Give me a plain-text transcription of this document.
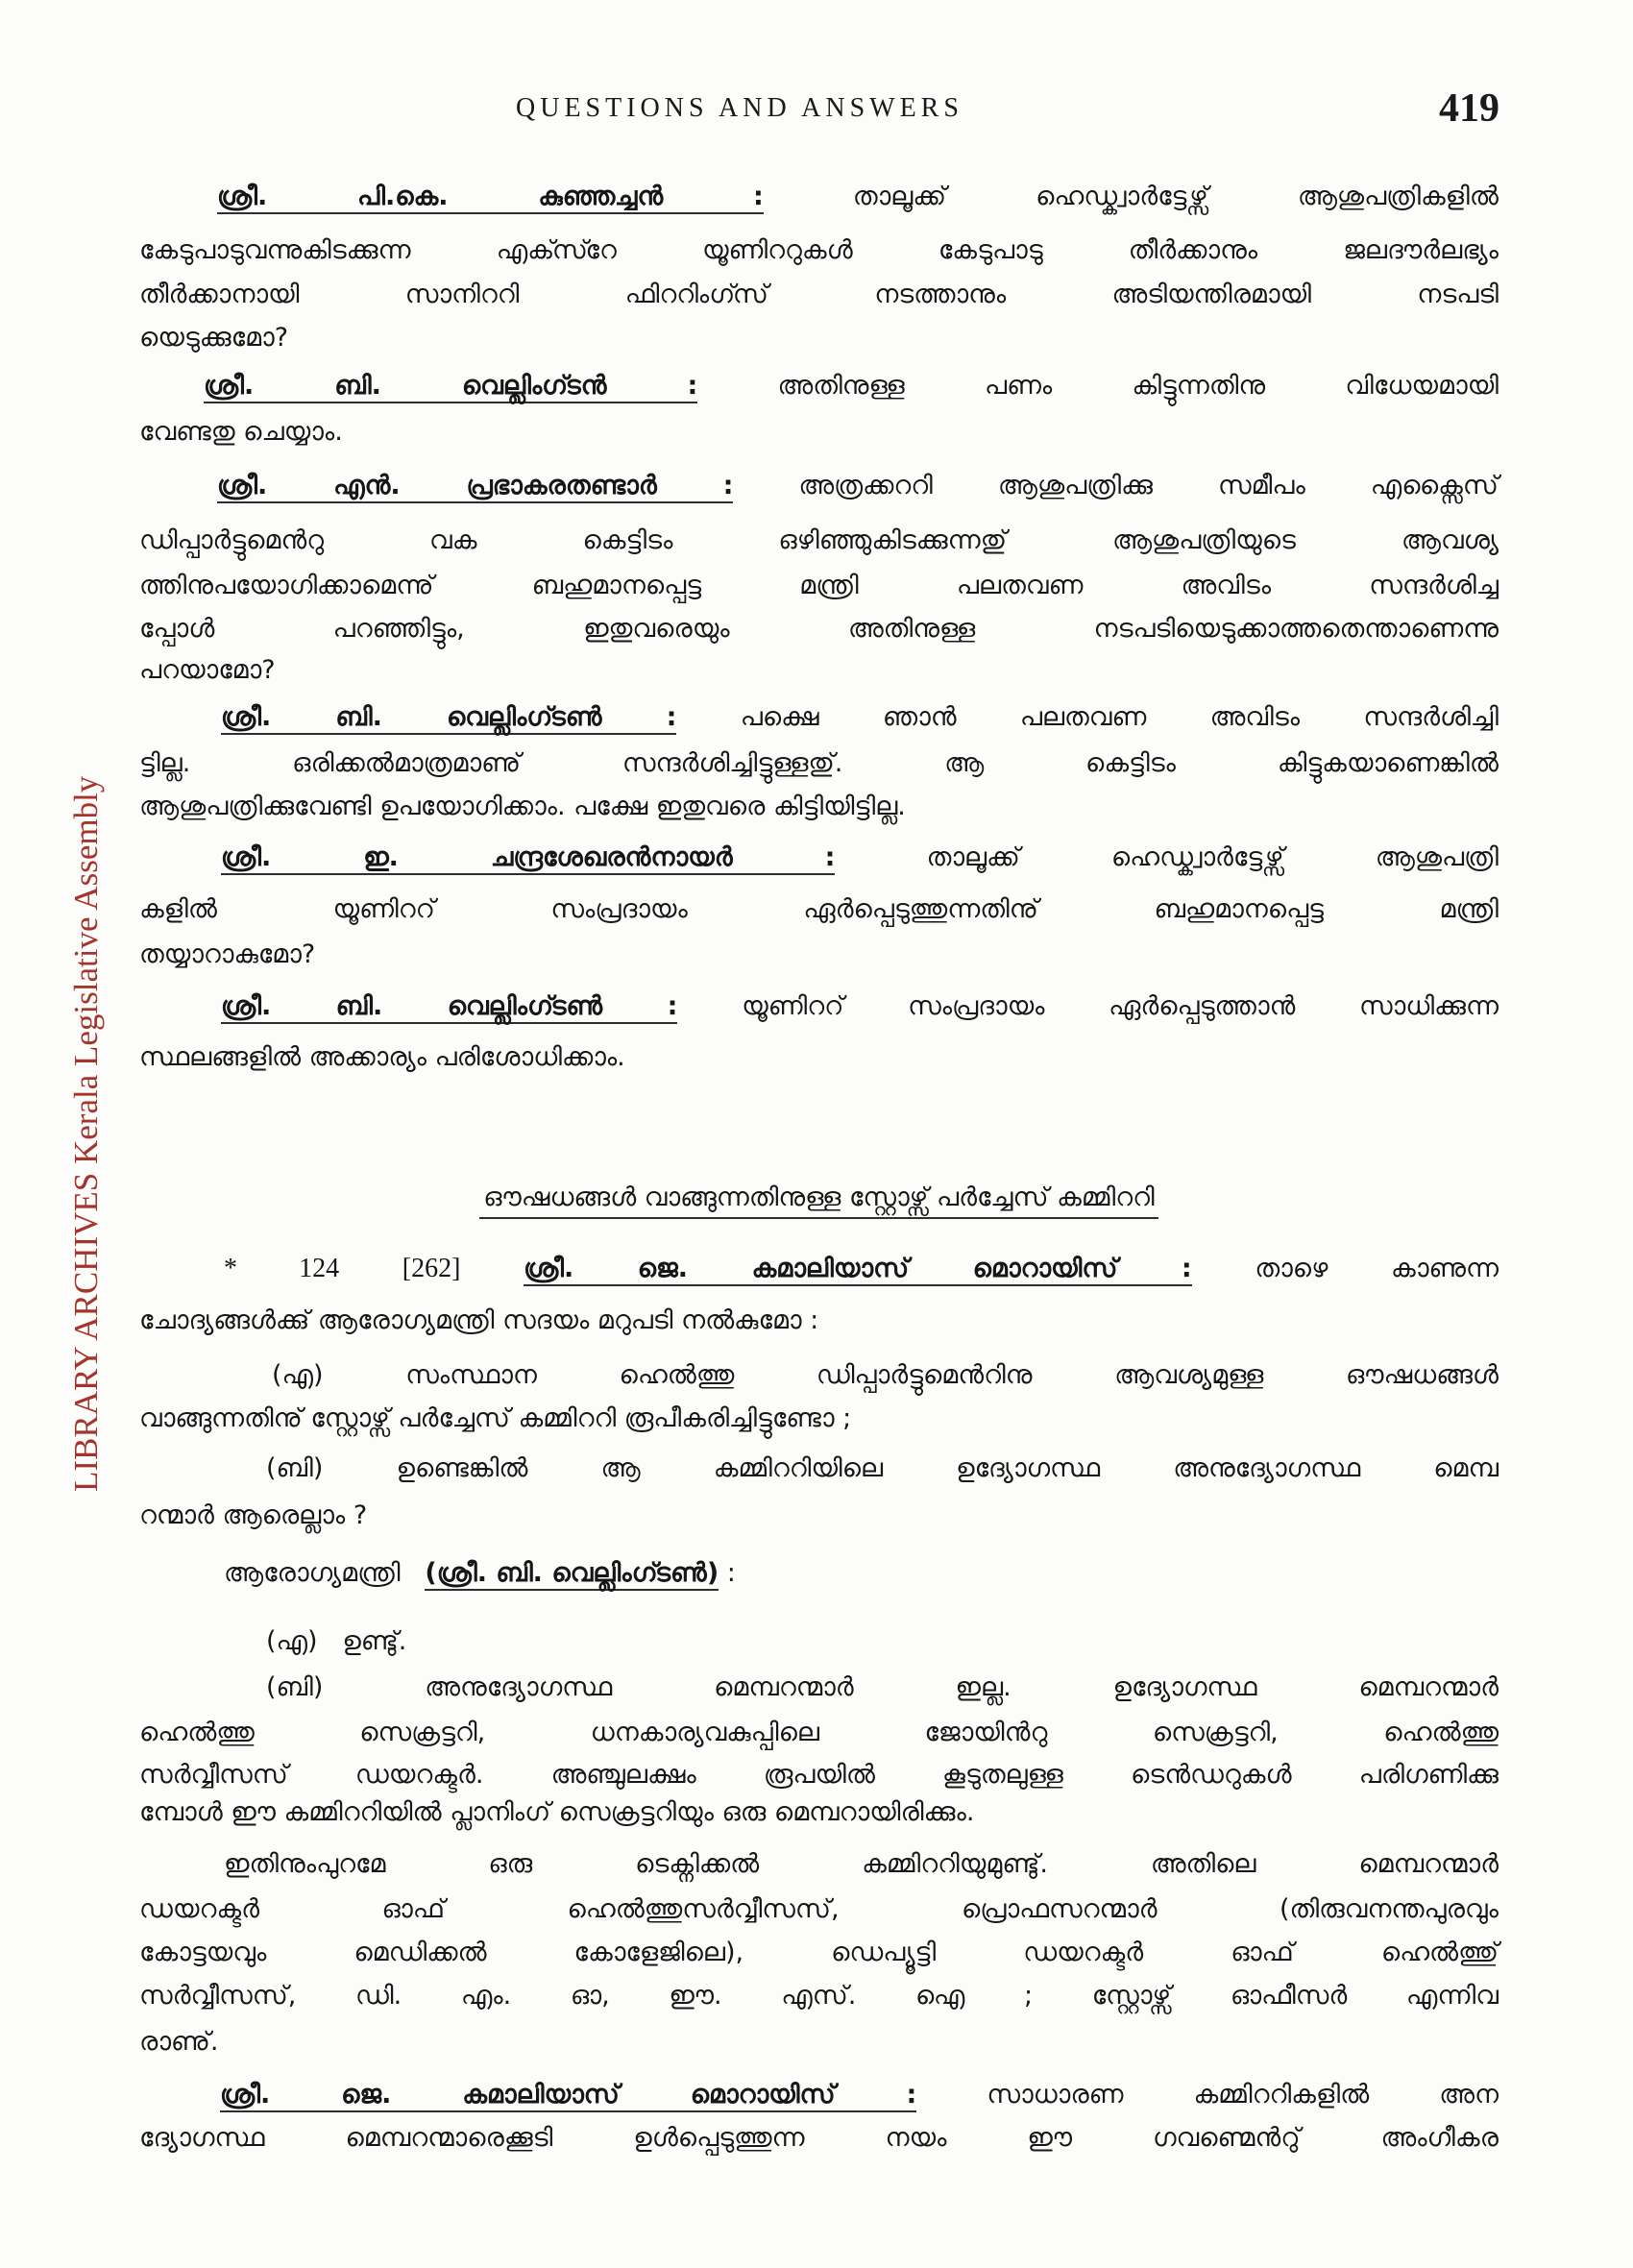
QUESTIONS AND ANSWERS	419
LIBRARY ARCHIVES Kerala Legislative Assembly
ശ്രീ. പി.കെ. കുഞ്ഞച്ചൻ :	താലൂക്ക് ഹെഡ്ക്വാർട്ടേഴ്സ് ആശുപത്രികളിൽ
കേടുപാടുവന്നുകിടക്കുന്ന എക്സ്റേ യൂണിററുകൾ കേടുപാടു തീർക്കാനും ജലദൗർലഭ്യം
തീർക്കാനായി സാനിററി ഫിററിംഗ്സ് നടത്താനും അടിയന്തിരമായി നടപടി
യെടുക്കുമോ?
ശ്രീ. ബി. വെല്ലിംഗ്ടൻ :	അതിനുള്ള പണം കിട്ടുന്നതിനു വിധേയമായി
വേണ്ടതു ചെയ്യാം.
ശ്രീ. എൻ. പ്രഭാകരതണ്ടാർ :	അത്രക്കററി ആശുപത്രിക്കു സമീപം എക്സൈസ്
ഡിപ്പാർട്ടുമെൻറു വക കെട്ടിടം ഒഴിഞ്ഞുകിടക്കുന്നതു് ആശുപത്രിയുടെ ആവശ്യ
ത്തിനുപയോഗിക്കാമെന്നു് ബഹുമാനപ്പെട്ട മന്ത്രി പലതവണ അവിടം സന്ദർശിച്ച
പ്പോൾ പറഞ്ഞിട്ടും, ഇതുവരെയും അതിനുള്ള നടപടിയെടുക്കാത്തതെന്താണെന്നു
പറയാമോ?
ശ്രീ. ബി. വെല്ലിംഗ്ടൺ : പക്ഷെ ഞാൻ പലതവണ അവിടം സന്ദർശിച്ചി
ട്ടില്ല. ഒരിക്കൽമാത്രമാണു് സന്ദർശിച്ചിട്ടുള്ളതു്. ആ കെട്ടിടം കിട്ടുകയാണെങ്കിൽ
ആശുപത്രിക്കുവേണ്ടി ഉപയോഗിക്കാം. പക്ഷേ ഇതുവരെ കിട്ടിയിട്ടില്ല.
ശ്രീ. ഇ. ചന്ദ്രശേഖരൻനായർ :	താലൂക്ക് ഹെഡ്ക്വാർട്ടേഴ്സ് ആശുപത്രി
കളിൽ യൂണിററ് സംപ്രദായം ഏർപ്പെടുത്തുന്നതിനു് ബഹുമാനപ്പെട്ട മന്ത്രി
തയ്യാറാകുമോ?
ശ്രീ. ബി. വെല്ലിംഗ്ടൺ : യൂണിററ് സംപ്രദായം ഏർപ്പെടുത്താൻ സാധിക്കുന്ന
സ്ഥലങ്ങളിൽ അക്കാര്യം പരിശോധിക്കാം.
ഔഷധങ്ങൾ വാങ്ങുന്നതിനുള്ള സ്റ്റോഴ്സ് പർച്ചേസ് കമ്മിററി
* 124 [262] ശ്രീ. ജെ. കമാലിയാസ് മൊറായിസ് : താഴെ കാണുന്ന
ചോദ്യങ്ങൾക്കു് ആരോഗ്യമന്ത്രി സദയം മറുപടി നൽകുമോ :
(എ)	സംസ്ഥാന ഹെൽത്തു ഡിപ്പാർട്ടുമെൻറിനു ആവശ്യമുള്ള ഔഷധങ്ങൾ
വാങ്ങുന്നതിനു് സ്റ്റോഴ്സ് പർച്ചേസ് കമ്മിററി രൂപീകരിച്ചിട്ടുണ്ടോ ;
(ബി)	ഉണ്ടെങ്കിൽ ആ കമ്മിററിയിലെ ഉദ്യോഗസ്ഥ അനുദ്യോഗസ്ഥ മെമ്പ
റന്മാർ ആരെല്ലാം ?
ആരോഗ്യമന്ത്രി (ശ്രീ. ബി. വെല്ലിംഗ്ടൺ) :
(എ) ഉണ്ടു്.
(ബി)	അനുദ്യോഗസ്ഥ മെമ്പറന്മാർ ഇല്ല. ഉദ്യോഗസ്ഥ മെമ്പറന്മാർ
ഹെൽത്തു സെക്രട്ടറി, ധനകാര്യവകുപ്പിലെ ജോയിൻറു സെക്രട്ടറി, ഹെൽത്തു
സർവ്വീസസ് ഡയറക്ടർ. അഞ്ചുലക്ഷം രൂപയിൽ കൂടുതലുള്ള ടെൻഡറുകൾ പരിഗണിക്കു
മ്പോൾ ഈ കമ്മിററിയിൽ പ്ലാനിംഗ് സെക്രട്ടറിയും ഒരു മെമ്പറായിരിക്കും.
ഇതിനുംപുറമേ ഒരു ടെക്നിക്കൽ കമ്മിററിയുമുണ്ടു്. അതിലെ മെമ്പറന്മാർ
ഡയറക്ടർ ഓഫ് ഹെൽത്തുസർവ്വീസസ്, പ്രൊഫസറന്മാർ (തിരുവനന്തപുരവും
കോട്ടയവും മെഡിക്കൽ കോളേജിലെ), ഡെപ്യൂട്ടി ഡയറക്ടർ ഓഫ് ഹെൽത്തു്
സർവ്വീസസ്, ഡി. എം. ഓ, ഈ. എസ്. ഐ ; സ്റ്റോഴ്സ് ഓഫീസർ എന്നിവ
രാണു്.
ശ്രീ. ജെ. കമാലിയാസ് മൊറായിസ് :	സാധാരണ കമ്മിററികളിൽ അന
ദ്യോഗസ്ഥ മെമ്പറന്മാരെക്കൂടി ഉൾപ്പെടുത്തുന്ന നയം ഈ ഗവണ്മെൻറു് അംഗീകര
